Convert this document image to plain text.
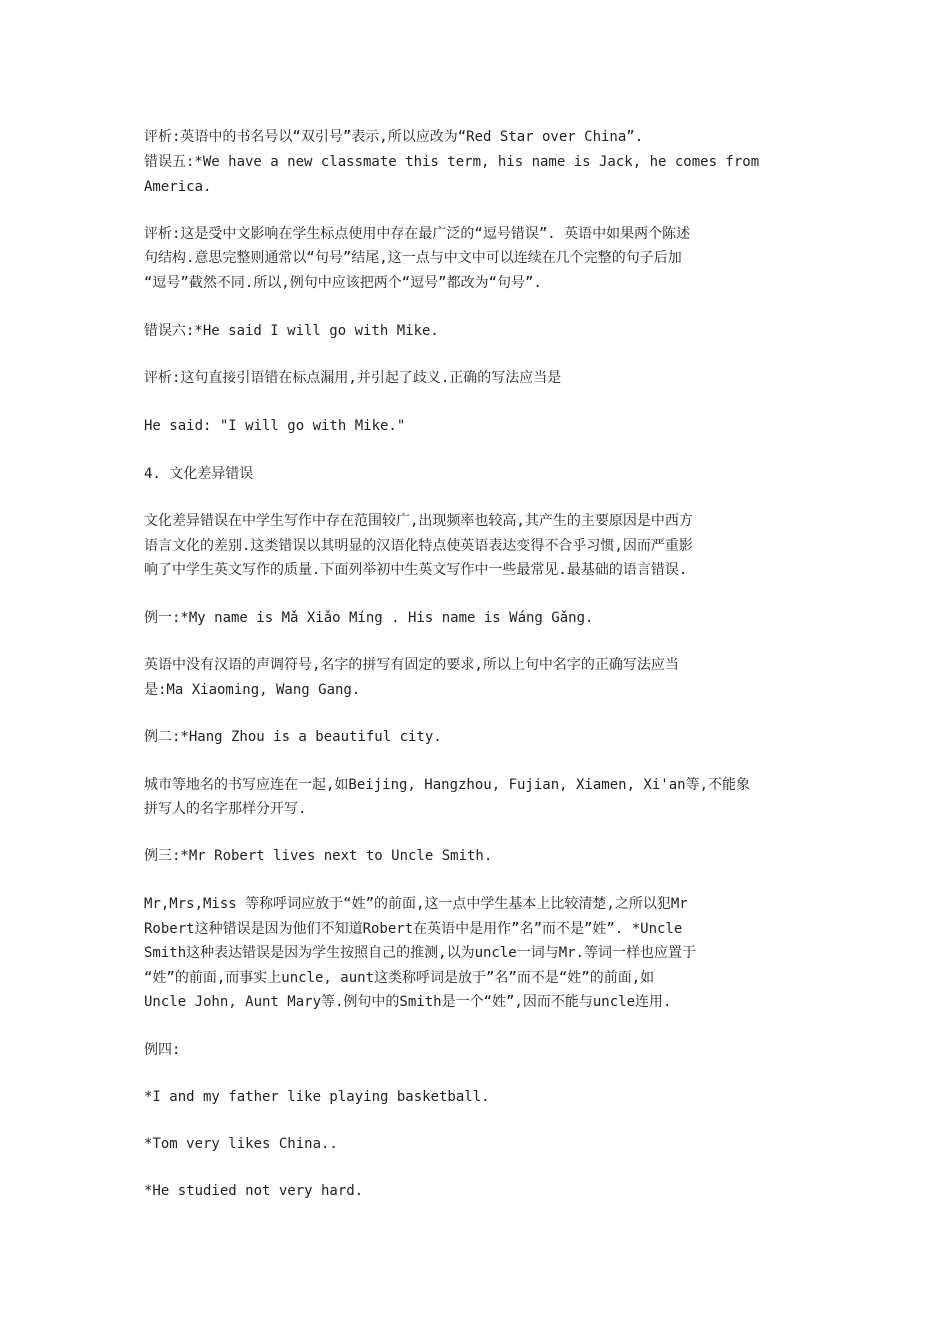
评析:英语中的书名号以“双引号”表示,所以应改为“Red Star over China”.
错误五:*We have a new classmate this term, his name is Jack, he comes from
America.
评析:这是受中文影响在学生标点使用中存在最广泛的“逗号错误”. 英语中如果两个陈述
句结构.意思完整则通常以“句号”结尾,这一点与中文中可以连续在几个完整的句子后加
“逗号”截然不同.所以,例句中应该把两个“逗号”都改为“句号”.
错误六:*He said I will go with Mike.
评析:这句直接引语错在标点漏用,并引起了歧义.正确的写法应当是
He said: "I will go with Mike."
4. 文化差异错误
文化差异错误在中学生写作中存在范围较广,出现频率也较高,其产生的主要原因是中西方
语言文化的差别.这类错误以其明显的汉语化特点使英语表达变得不合乎习惯,因而严重影
响了中学生英文写作的质量.下面列举初中生英文写作中一些最常见.最基础的语言错误.
例一:*My name is Mǎ Xiǎo Míng . His name is Wáng Gǎng.
英语中没有汉语的声调符号,名字的拼写有固定的要求,所以上句中名字的正确写法应当
是:Ma Xiaoming, Wang Gang.
例二:*Hang Zhou is a beautiful city.
城市等地名的书写应连在一起,如Beijing, Hangzhou, Fujian, Xiamen, Xi'an等,不能象
拼写人的名字那样分开写.
例三:*Mr Robert lives next to Uncle Smith.
Mr,Mrs,Miss 等称呼词应放于“姓”的前面,这一点中学生基本上比较清楚,之所以犯Mr
Robert这种错误是因为他们不知道Robert在英语中是用作”名”而不是”姓”. *Uncle
Smith这种表达错误是因为学生按照自己的推测,以为uncle一词与Mr.等词一样也应置于
“姓”的前面,而事实上uncle, aunt这类称呼词是放于”名”而不是“姓”的前面,如
Uncle John, Aunt Mary等.例句中的Smith是一个“姓”,因而不能与uncle连用.
例四:
*I and my father like playing basketball.
*Tom very likes China..
*He studied not very hard.
